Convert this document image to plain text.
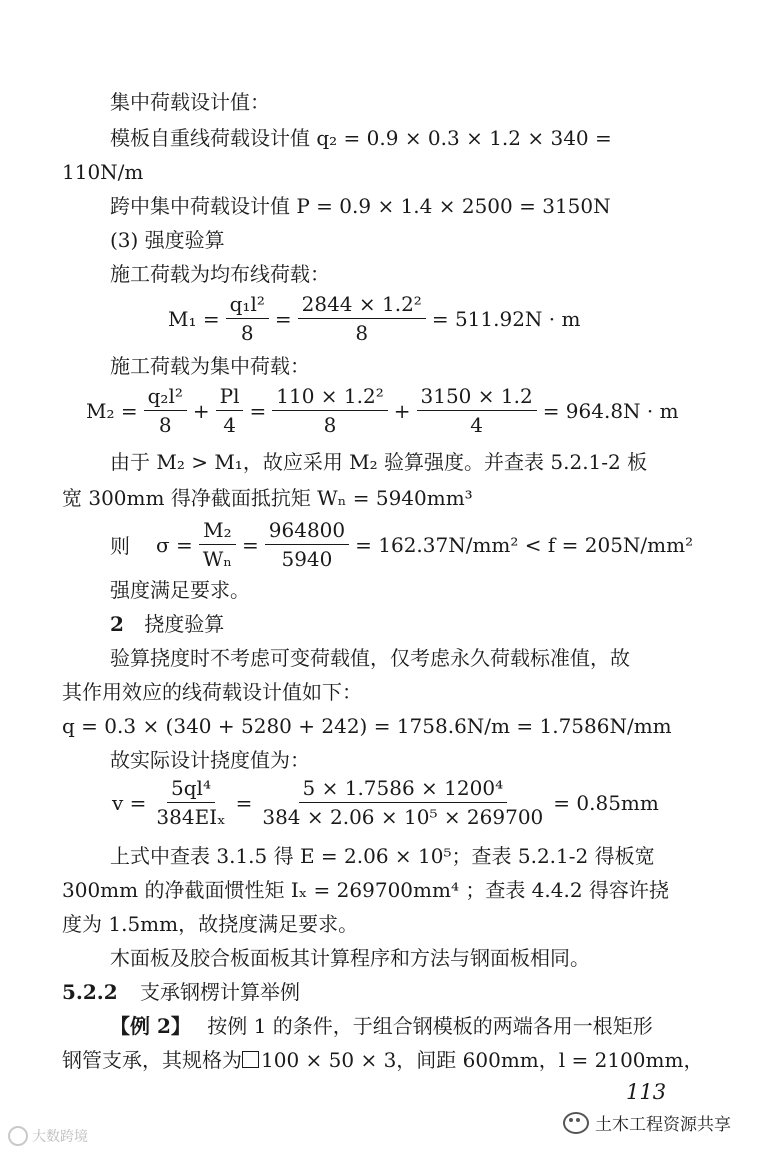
集中荷载设计值：
模板自重线荷载设计值 q₂ = 0.9 × 0.3 × 1.2 × 340 =
110N/m
跨中集中荷载设计值 P = 0.9 × 1.4 × 2500 = 3150N
(3) 强度验算
施工荷载为均布线荷载：
$M_1 = \frac{\text{q₁l²}}{8} = \frac{\text{2844 × 1.2²}}{8} = 511.92N \cdot m$
施工荷载为集中荷载：
$M_2 = \frac{\text{q₂l²}}{8} + \frac{Pl}{4} = \frac{\text{110 × 1.2²}}{8} + \frac{3150 \times 1.2}{4} = 964.8N \cdot m$
由于 M₂ > M₁，故应采用 M₂ 验算强度。并查表 5.2.1-2 板
宽 300mm 得净截面抵抗矩 Wₙ = 5940mm³
则 $\sigma = \frac{\text{M₂}}{\text{Wₙ}} = \frac{964800}{5940} = 162.37N/mm^2 < f = 205N/mm^2$
强度满足要求。
2 挠度验算
验算挠度时不考虑可变荷载值，仅考虑永久荷载标准值，故
其作用效应的线荷载设计值如下：
q = 0.3 × (340 + 5280 + 242) = 1758.6N/m = 1.7586N/mm
故实际设计挠度值为：
$v = \frac{\text{5ql⁴}}{\text{384EIₓ}} = \frac{\text{5 × 1.7586 × 1200⁴}}{\text{384 × 2.06 × 10⁵ × 269700}} = 0.85mm$
上式中查表 3.1.5 得 E = 2.06 × 10⁵；查表 5.2.1-2 得板宽
300mm 的净截面惯性矩 Iₓ = 269700mm⁴ ；查表 4.4.2 得容许挠
度为 1.5mm，故挠度满足要求。
木面板及胶合板面板其计算程序和方法与钢面板相同。
5.2.2 支承钢楞计算举例
【例 2】 按例 1 的条件，于组合钢模板的两端各用一根矩形
钢管支承，其规格为 100 × 50 × 3，间距 600mm，l = 2100mm，
113
土木工程资源共享
大数跨境
